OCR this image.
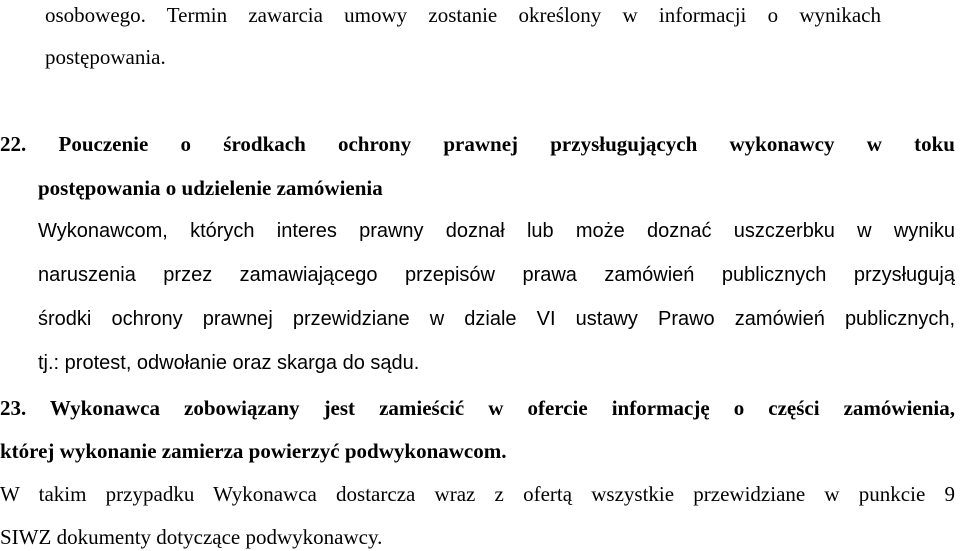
osobowego. Termin zawarcia umowy zostanie określony w informacji o wynikach
postępowania.
22. Pouczenie o środkach ochrony prawnej przysługujących wykonawcy w toku
postępowania o udzielenie zamówienia
Wykonawcom, których interes prawny doznał lub może doznać uszczerbku w wyniku
naruszenia przez zamawiającego przepisów prawa zamówień publicznych przysługują
środki ochrony prawnej przewidziane w dziale VI ustawy Prawo zamówień publicznych,
tj.: protest, odwołanie oraz skarga do sądu.
23. Wykonawca zobowiązany jest zamieścić w ofercie informację o części zamówienia,
której wykonanie zamierza powierzyć podwykonawcom.
W takim przypadku Wykonawca dostarcza wraz z ofertą wszystkie przewidziane w punkcie 9
SIWZ dokumenty dotyczące podwykonawcy.
